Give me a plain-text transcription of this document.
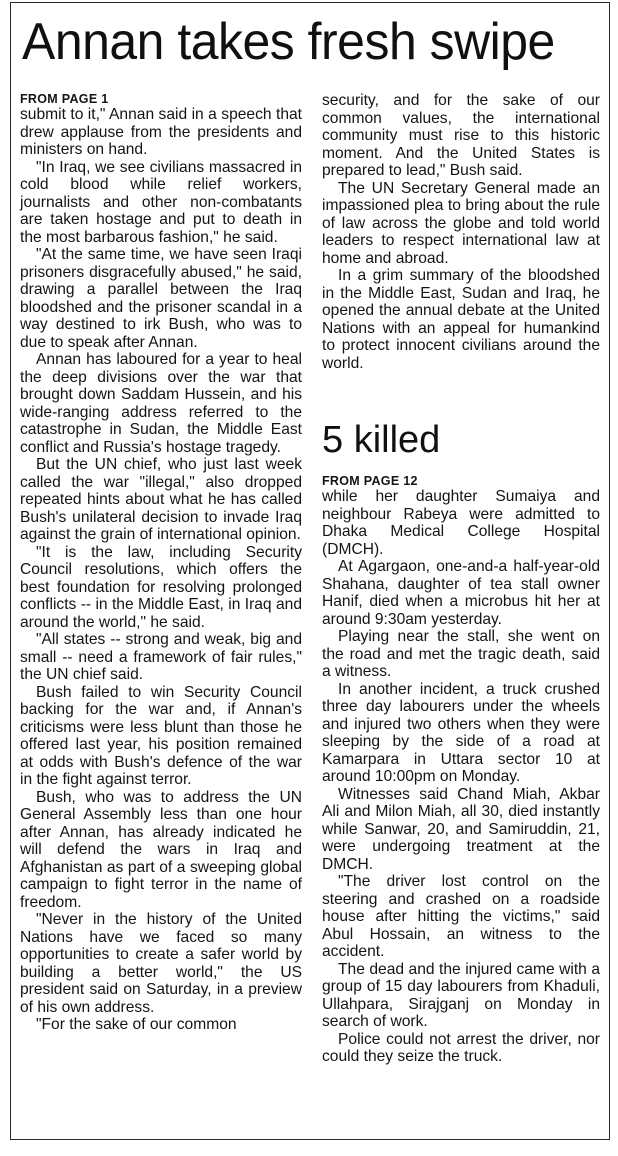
Annan takes fresh swipe
FROM PAGE 1

submit to it," Annan said in a speech that drew applause from the presidents and ministers on hand.

"In Iraq, we see civilians massacred in cold blood while relief workers, journalists and other non-combatants are taken hostage and put to death in the most barbarous fashion," he said.

"At the same time, we have seen Iraqi prisoners disgracefully abused," he said, drawing a parallel between the Iraq bloodshed and the prisoner scandal in a way destined to irk Bush, who was to due to speak after Annan.

Annan has laboured for a year to heal the deep divisions over the war that brought down Saddam Hussein, and his wide-ranging address referred to the catastrophe in Sudan, the Middle East conflict and Russia's hostage tragedy.

But the UN chief, who just last week called the war "illegal," also dropped repeated hints about what he has called Bush's unilateral decision to invade Iraq against the grain of international opinion.

"It is the law, including Security Council resolutions, which offers the best foundation for resolving prolonged conflicts -- in the Middle East, in Iraq and around the world," he said.

"All states -- strong and weak, big and small -- need a framework of fair rules," the UN chief said.

Bush failed to win Security Council backing for the war and, if Annan's criticisms were less blunt than those he offered last year, his position remained at odds with Bush's defence of the war in the fight against terror.

Bush, who was to address the UN General Assembly less than one hour after Annan, has already indicated he will defend the wars in Iraq and Afghanistan as part of a sweeping global campaign to fight terror in the name of freedom.

"Never in the history of the United Nations have we faced so many opportunities to create a safer world by building a better world," the US president said on Saturday, in a preview of his own address.

"For the sake of our common

security, and for the sake of our common values, the international community must rise to this historic moment. And the United States is prepared to lead," Bush said.

The UN Secretary General made an impassioned plea to bring about the rule of law across the globe and told world leaders to respect international law at home and abroad.

In a grim summary of the bloodshed in the Middle East, Sudan and Iraq, he opened the annual debate at the United Nations with an appeal for humankind to protect innocent civilians around the world.

5 killed
FROM PAGE 12

while her daughter Sumaiya and neighbour Rabeya were admitted to Dhaka Medical College Hospital (DMCH).

At Agargaon, one-and-a half-year-old Shahana, daughter of tea stall owner Hanif, died when a microbus hit her at around 9:30am yesterday.

Playing near the stall, she went on the road and met the tragic death, said a witness.

In another incident, a truck crushed three day labourers under the wheels and injured two others when they were sleeping by the side of a road at Kamarpara in Uttara sector 10 at around 10:00pm on Monday.

Witnesses said Chand Miah, Akbar Ali and Milon Miah, all 30, died instantly while Sanwar, 20, and Samiruddin, 21, were undergoing treatment at the DMCH.

"The driver lost control on the steering and crashed on a roadside house after hitting the victims," said Abul Hossain, an witness to the accident.

The dead and the injured came with a group of 15 day labourers from Khaduli, Ullahpara, Sirajganj on Monday in search of work.

Police could not arrest the driver, nor could they seize the truck.
